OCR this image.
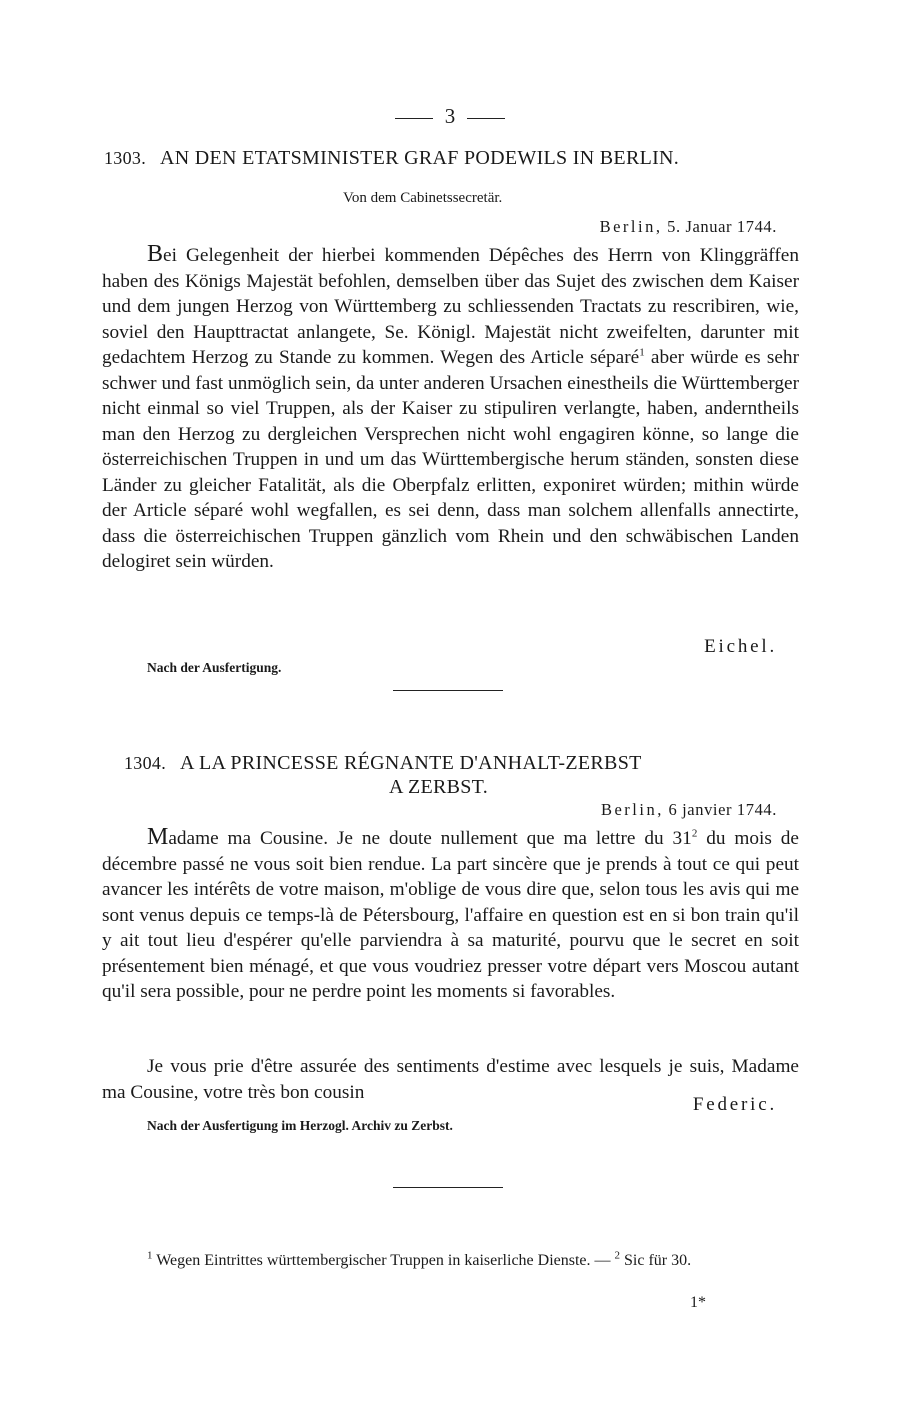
3
1303. AN DEN ETATSMINISTER GRAF PODEWILS IN BERLIN.
Von dem Cabinetssecretär.
Berlin, 5. Januar 1744.

Bei Gelegenheit der hierbei kommenden Dépêches des Herrn von Klinggräffen haben des Königs Majestät befohlen, demselben über das Sujet des zwischen dem Kaiser und dem jungen Herzog von Württemberg zu schliessenden Tractats zu rescribiren, wie, soviel den Haupttractat anlangete, Se. Königl. Majestät nicht zweifelten, darunter mit gedachtem Herzog zu Stande zu kommen. Wegen des Article séparé$^1$ aber würde es sehr schwer und fast unmöglich sein, da unter anderen Ursachen einestheils die Württemberger nicht einmal so viel Truppen, als der Kaiser zu stipuliren verlangte, haben, anderntheils man den Herzog zu dergleichen Versprechen nicht wohl engagiren könne, so lange die österreichischen Truppen in und um das Württembergische herum ständen, sonsten diese Länder zu gleicher Fatalität, als die Oberpfalz erlitten, exponiret würden; mithin würde der Article séparé wohl wegfallen, es sei denn, dass man solchem allenfalls annectirte, dass die österreichischen Truppen gänzlich vom Rhein und den schwäbischen Landen delogiret sein würden.

Eichel.
Nach der Ausfertigung.
1304. A LA PRINCESSE RÉGNANTE D'ANHALT-ZERBST
A ZERBST.
Berlin, 6 janvier 1744.

Madame ma Cousine. Je ne doute nullement que ma lettre du $31^2$ du mois de décembre passé ne vous soit bien rendue. La part sincère que je prends à tout ce qui peut avancer les intérêts de votre maison, m'oblige de vous dire que, selon tous les avis qui me sont venus depuis ce temps-là de Pétersbourg, l'affaire en question est en si bon train qu'il y ait tout lieu d'espérer qu'elle parviendra à sa maturité, pourvu que le secret en soit présentement bien ménagé, et que vous voudriez presser votre départ vers Moscou autant qu'il sera possible, pour ne perdre point les moments si favorables.

Je vous prie d'être assurée des sentiments d'estime avec lesquels je suis, Madame ma Cousine, votre très bon cousin

Federic.
Nach der Ausfertigung im Herzogl. Archiv zu Zerbst.

$^1$ Wegen Eintrittes württembergischer Truppen in kaiserliche Dienste. — $^2$ Sic für 30.

1*
